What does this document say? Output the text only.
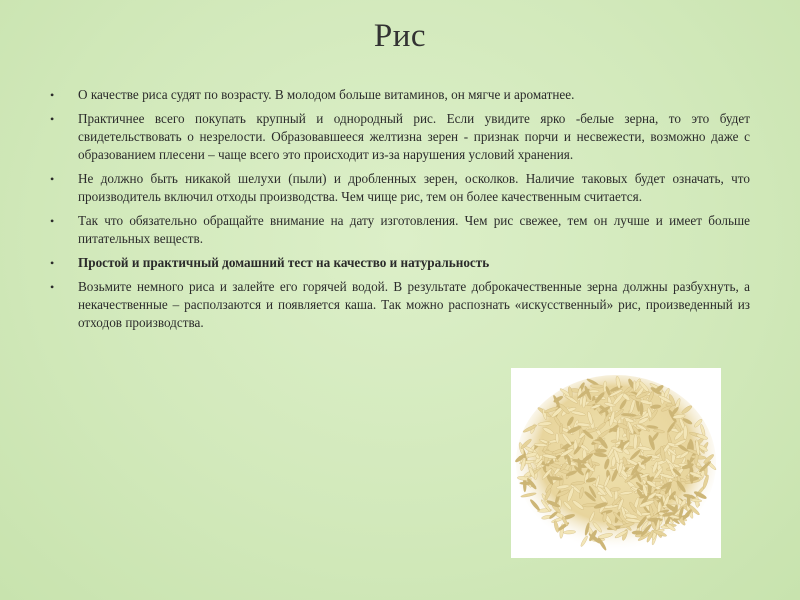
Рис
• О качестве риса судят по возрасту. В молодом больше витаминов, он мягче и ароматнее.
• Практичнее всего покупать крупный и однородный рис. Если увидите ярко -белые зерна, то это будет свидетельствовать о незрелости. Образовавшееся желтизна зерен - признак порчи и несвежести, возможно даже с образованием плесени – чаще всего это происходит из-за нарушения условий хранения.
• Не должно быть никакой шелухи (пыли) и дробленных зерен, осколков. Наличие таковых будет означать, что производитель включил отходы производства. Чем чище рис, тем он более качественным считается.
• Так что обязательно обращайте внимание на дату изготовления. Чем рис свежее, тем он лучше и имеет больше питательных веществ.
• Простой и практичный домашний тест на качество и натуральность
• Возьмите немного риса и залейте его горячей водой. В результате доброкачественные зерна должны разбухнуть, а некачественные – расползаются и появляется каша. Так можно распознать «искусственный» рис, произведенный из отходов производства.
